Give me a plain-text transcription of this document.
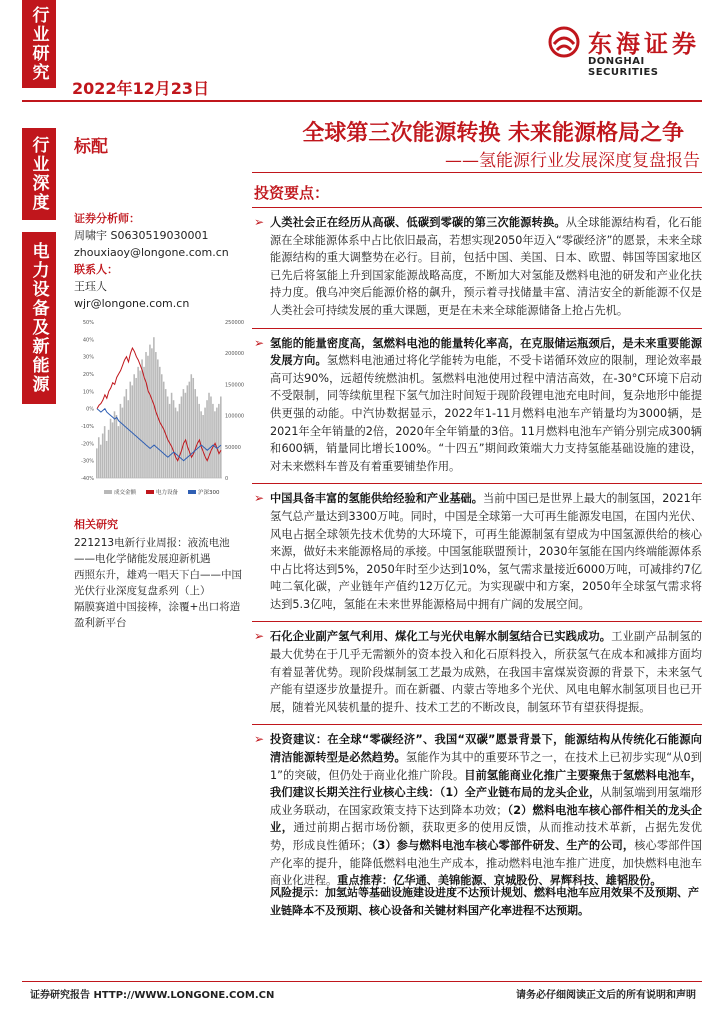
行业研究
行业深度
电力设备及新能源
2022年12月23日
东海证券
DONGHAI SECURITIES
标配
全球第三次能源转换 未来能源格局之争
——氢能源行业发展深度复盘报告
证券分析师：
周啸宇 S0630519030001
zhouxiaoy@longone.com.cn
联系人：
王珏人
wjr@longone.com.cn
50%
40%
30%
20%
10%
0%
-10%
-20%
-30%
-40%
250000
200000
150000
100000
50000
0
成交金额	电力设备	沪深300
相关研究
221213电新行业周报：液流电池——电化学储能发展迎新机遇
西照东升，雄鸡一唱天下白——中国光伏行业深度复盘系列（上）
隔膜赛道中国接棒，涂覆+出口将造盈利新平台
投资要点：
➢ 人类社会正在经历从高碳、低碳到零碳的第三次能源转换。从全球能源结构看，化石能源在全球能源体系中占比依旧最高，若想实现2050年迈入“零碳经济”的愿景，未来全球能源结构的重大调整势在必行。目前，包括中国、美国、日本、欧盟、韩国等国家地区已先后将氢能上升到国家能源战略高度，不断加大对氢能及燃料电池的研发和产业化扶持力度。俄乌冲突后能源价格的飙升，预示着寻找储量丰富、清洁安全的新能源不仅是人类社会可持续发展的重大课题，更是在未来全球能源储备上抢占先机。
➢ 氢能的能量密度高，氢燃料电池的能量转化率高，在克服储运瓶颈后，是未来重要能源发展方向。氢燃料电池通过将化学能转为电能，不受卡诺循环效应的限制，理论效率最高可达90%，远超传统燃油机。氢燃料电池使用过程中清洁高效，在-30°C环境下启动不受限制，同等续航里程下氢气加注时间短于现阶段锂电池充电时间，复杂地形中能提供更强的动能。中汽协数据显示，2022年1-11月燃料电池车产销量均为3000辆，是2021年全年销量的2倍，2020年全年销量的3倍。11月燃料电池车产销分别完成300辆和600辆，销量同比增长100%。“十四五”期间政策端大力支持氢能基础设施的建设，对未来燃料车普及有着重要铺垫作用。
➢ 中国具备丰富的氢能供给经验和产业基础。当前中国已是世界上最大的制氢国，2021年氢气总产量达到3300万吨。同时，中国是全球第一大可再生能源发电国，在国内光伏、风电占据全球领先技术优势的大环境下，可再生能源制氢有望成为中国氢源供给的核心来源，做好未来能源格局的承接。中国氢能联盟预计，2030年氢能在国内终端能源体系中占比将达到5%，2050年时至少达到10%，氢气需求量接近6000万吨，可减排约7亿吨二氧化碳，产业链年产值约12万亿元。为实现碳中和方案，2050年全球氢气需求将达到5.3亿吨，氢能在未来世界能源格局中拥有广阔的发展空间。
➢ 石化企业副产氢气利用、煤化工与光伏电解水制氢结合已实践成功。工业副产品制氢的最大优势在于几乎无需额外的资本投入和化石原料投入，所获氢气在成本和减排方面均有着显著优势。现阶段煤制氢工艺最为成熟，在我国丰富煤炭资源的背景下，未来氢气产能有望逐步放量提升。而在新疆、内蒙古等地多个光伏、风电电解水制氢项目也已开展，随着光风装机量的提升、技术工艺的不断改良，制氢环节有望获得提振。
➢ 投资建议：在全球“零碳经济”、我国“双碳”愿景背景下，能源结构从传统化石能源向清洁能源转型是必然趋势。氢能作为其中的重要环节之一，在技术上已初步实现“从0到1”的突破，但仍处于商业化推广阶段。目前氢能商业化推广主要聚焦于氢燃料电池车，我们建议长期关注行业核心主线：（1）全产业链布局的龙头企业，从制氢端到用氢端形成业务联动，在国家政策支持下达到降本功效；（2）燃料电池车核心部件相关的龙头企业，通过前期占据市场份额，获取更多的使用反馈，从而推动技术革新，占据先发优势，形成良性循环；（3）参与燃料电池车核心零部件研发、生产的公司，核心零部件国产化率的提升，能降低燃料电池生产成本，推动燃料电池车推广进度，加快燃料电池车商业化进程。重点推荐：亿华通、美锦能源、京城股份、昇辉科技、雄韬股份。
风险提示：加氢站等基础设施建设进度不达预计规划、燃料电池车应用效果不及预期、产业链降本不及预期、核心设备和关键材料国产化率进程不达预期。
证券研究报告 HTTP://WWW.LONGONE.COM.CN	请务必仔细阅读正文后的所有说明和声明
